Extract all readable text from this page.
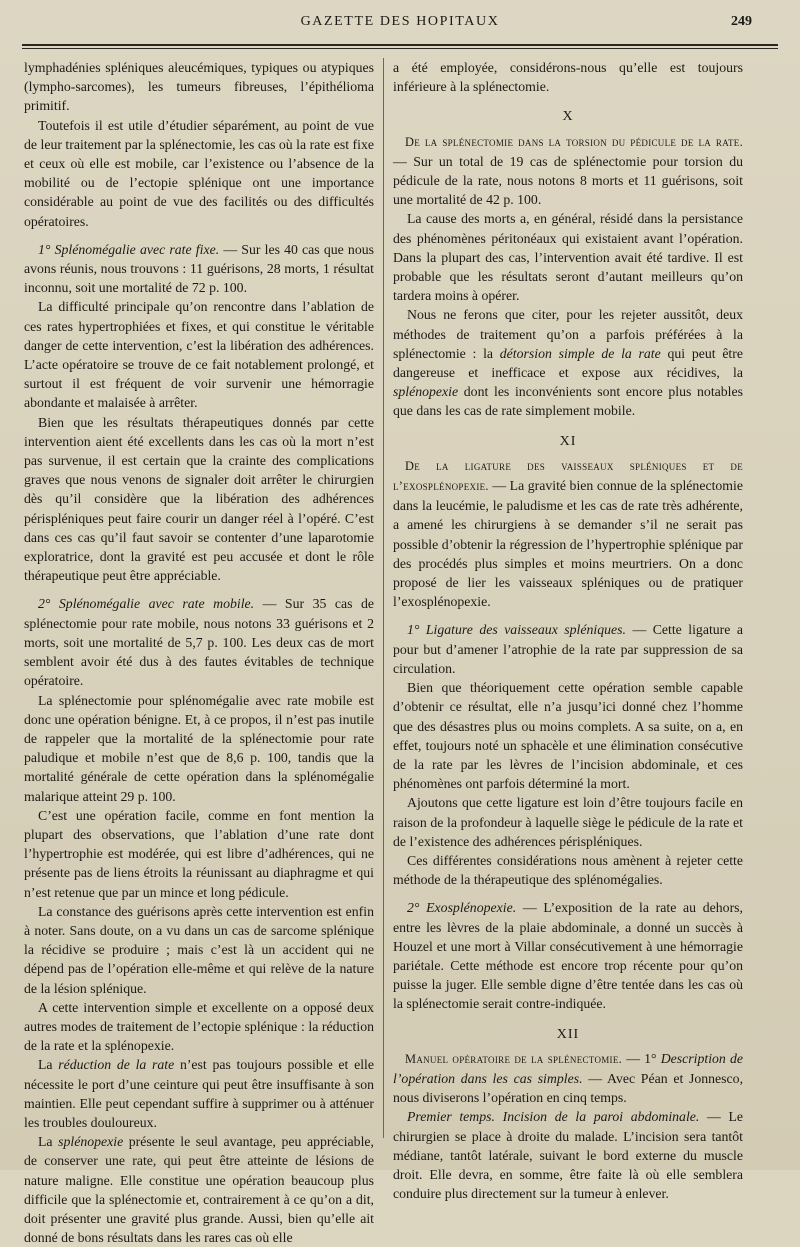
GAZETTE DES HOPITAUX	249

lymphadénies spléniques aleucémiques, typiques ou atypiques (lympho-sarcomes), les tumeurs fibreuses, l’épithélioma primitif.

Toutefois il est utile d’étudier séparément, au point de vue de leur traitement par la splénectomie, les cas où la rate est fixe et ceux où elle est mobile, car l’existence ou l’absence de la mobilité ou de l’ectopie splénique ont une importance considérable au point de vue des facilités ou des difficultés opératoires.

1° Splénomégalie avec rate fixe. — Sur les 40 cas que nous avons réunis, nous trouvons : 11 guérisons, 28 morts, 1 résultat inconnu, soit une mortalité de 72 p. 100.

La difficulté principale qu’on rencontre dans l’ablation de ces rates hypertrophiées et fixes, et qui constitue le véritable danger de cette intervention, c’est la libération des adhérences. L’acte opératoire se trouve de ce fait notablement prolongé, et surtout il est fréquent de voir survenir une hémorragie abondante et malaisée à arrêter.

Bien que les résultats thérapeutiques donnés par cette intervention aient été excellents dans les cas où la mort n’est pas survenue, il est certain que la crainte des complications graves que nous venons de signaler doit arrêter le chirurgien dès qu’il considère que la libération des adhérences périspléniques peut faire courir un danger réel à l’opéré. C’est dans ces cas qu’il faut savoir se contenter d’une laparotomie exploratrice, dont la gravité est peu accusée et dont le rôle thérapeutique peut être appréciable.

2° Splénomégalie avec rate mobile. — Sur 35 cas de splénectomie pour rate mobile, nous notons 33 guérisons et 2 morts, soit une mortalité de 5,7 p. 100. Les deux cas de mort semblent avoir été dus à des fautes évitables de technique opératoire.

La splénectomie pour splénomégalie avec rate mobile est donc une opération bénigne. Et, à ce propos, il n’est pas inutile de rappeler que la mortalité de la splénectomie pour rate paludique et mobile n’est que de 8,6 p. 100, tandis que la mortalité générale de cette opération dans la splénomégalie malarique atteint 29 p. 100.

C’est une opération facile, comme en font mention la plupart des observations, que l’ablation d’une rate dont l’hypertrophie est modérée, qui est libre d’adhérences, qui ne présente pas de liens étroits la réunissant au diaphragme et qui n’est retenue que par un mince et long pédicule.

La constance des guérisons après cette intervention est enfin à noter. Sans doute, on a vu dans un cas de sarcome splénique la récidive se produire ; mais c’est là un accident qui ne dépend pas de l’opération elle-même et qui relève de la nature de la lésion splénique.

A cette intervention simple et excellente on a opposé deux autres modes de traitement de l’ectopie splénique : la réduction de la rate et la splénopexie.

La réduction de la rate n’est pas toujours possible et elle nécessite le port d’une ceinture qui peut être insuffisante à son maintien. Elle peut cependant suffire à supprimer ou à atténuer les troubles douloureux.

La splénopexie présente le seul avantage, peu appréciable, de conserver une rate, qui peut être atteinte de lésions de nature maligne. Elle constitue une opération beaucoup plus difficile que la splénectomie et, contrairement à ce qu’on a dit, doit présenter une gravité plus grande. Aussi, bien qu’elle ait donné de bons résultats dans les rares cas où elle

a été employée, considérons-nous qu’elle est toujours inférieure à la splénectomie.

X

De la splénectomie dans la torsion du pédicule de la rate. — Sur un total de 19 cas de splénectomie pour torsion du pédicule de la rate, nous notons 8 morts et 11 guérisons, soit une mortalité de 42 p. 100.

La cause des morts a, en général, résidé dans la persistance des phénomènes péritonéaux qui existaient avant l’opération. Dans la plupart des cas, l’intervention avait été tardive. Il est probable que les résultats seront d’autant meilleurs qu’on tardera moins à opérer.

Nous ne ferons que citer, pour les rejeter aussitôt, deux méthodes de traitement qu’on a parfois préférées à la splénectomie : la détorsion simple de la rate qui peut être dangereuse et inefficace et expose aux récidives, la splénopexie dont les inconvénients sont encore plus notables que dans les cas de rate simplement mobile.

XI

De la ligature des vaisseaux spléniques et de l’exosplénopexie. — La gravité bien connue de la splénectomie dans la leucémie, le paludisme et les cas de rate très adhérente, a amené les chirurgiens à se demander s’il ne serait pas possible d’obtenir la régression de l’hypertrophie splénique par des procédés plus simples et moins meurtriers. On a donc proposé de lier les vaisseaux spléniques ou de pratiquer l’exosplénopexie.

1° Ligature des vaisseaux spléniques. — Cette ligature a pour but d’amener l’atrophie de la rate par suppression de sa circulation.

Bien que théoriquement cette opération semble capable d’obtenir ce résultat, elle n’a jusqu’ici donné chez l’homme que des désastres plus ou moins complets. A sa suite, on a, en effet, toujours noté un sphacèle et une élimination consécutive de la rate par les lèvres de l’incision abdominale, et ces phénomènes ont parfois déterminé la mort.

Ajoutons que cette ligature est loin d’être toujours facile en raison de la profondeur à laquelle siège le pédicule de la rate et de l’existence des adhérences périspléniques.

Ces différentes considérations nous amènent à rejeter cette méthode de la thérapeutique des splénomégalies.

2° Exosplénopexie. — L’exposition de la rate au dehors, entre les lèvres de la plaie abdominale, a donné un succès à Houzel et une mort à Villar consécutivement à une hémorragie pariétale. Cette méthode est encore trop récente pour qu’on puisse la juger. Elle semble digne d’être tentée dans les cas où la splénectomie serait contre-indiquée.

XII

Manuel opératoire de la splénectomie. — 1° Description de l’opération dans les cas simples. — Avec Péan et Jonnesco, nous diviserons l’opération en cinq temps.

Premier temps. Incision de la paroi abdominale. — Le chirurgien se place à droite du malade. L’incision sera tantôt médiane, tantôt latérale, suivant le bord externe du muscle droit. Elle devra, en somme, être faite là où elle semblera conduire plus directement sur la tumeur à enlever.
